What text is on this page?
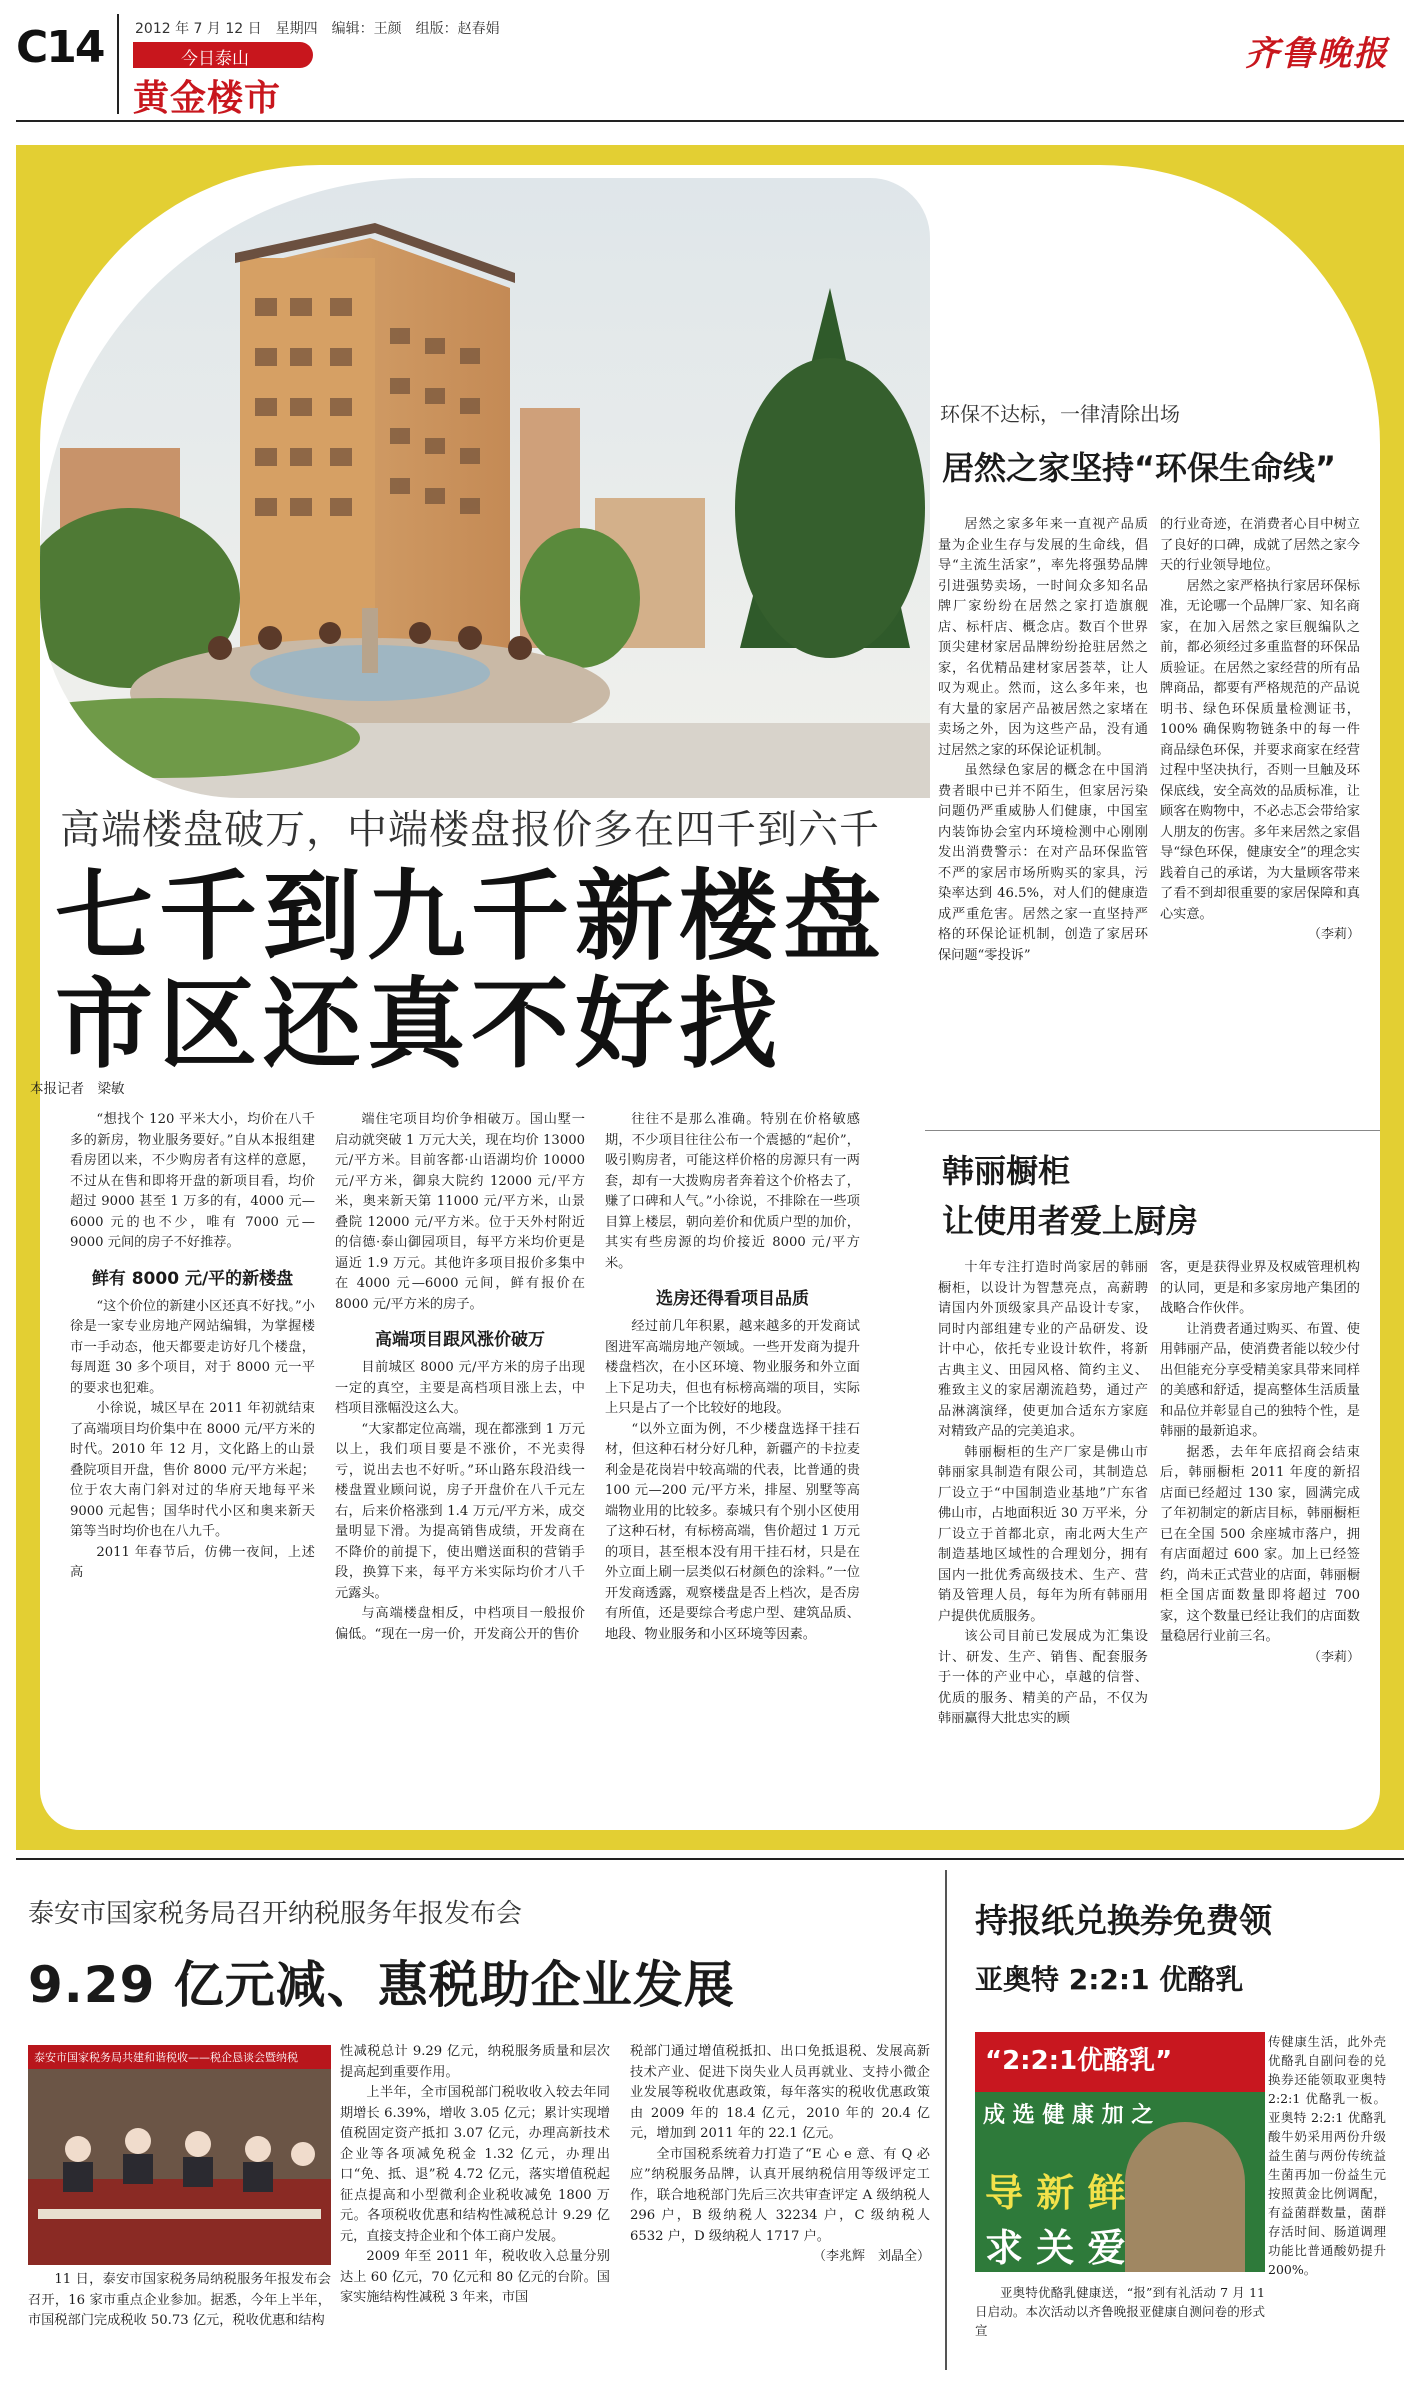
C14 2012 年 7 月 12 日　星期四　编辑：王颜　组版：赵春娟
今日泰山
黄金楼市
齐鲁晚报
高端楼盘破万，中端楼盘报价多在四千到六千
七千到九千新楼盘
市区还真不好找
本报记者　梁敏

“想找个 120 平米大小，均价在八千多的新房，物业服务要好。”自从本报组建看房团以来，不少购房者有这样的意愿，不过从在售和即将开盘的新项目看，均价超过 9000 甚至 1 万多的有，4000 元—6000 元的也不少，唯有 7000 元—9000 元间的房子不好推荐。

鲜有 8000 元/平的新楼盘

“这个价位的新建小区还真不好找。”小徐是一家专业房地产网站编辑，为掌握楼市一手动态，他天都要走访好几个楼盘，每周逛 30 多个项目，对于 8000 元一平的要求也犯难。

小徐说，城区早在 2011 年初就结束了高端项目均价集中在 8000 元/平方米的时代。2010 年 12 月，文化路上的山景叠院项目开盘，售价 8000 元/平方米起；位于农大南门斜对过的华府天地每平米 9000 元起售；国华时代小区和奥来新天第等当时均价也在八九千。

2011 年春节后，仿佛一夜间，上述高

端住宅项目均价争相破万。国山墅一启动就突破 1 万元大关，现在均价 13000 元/平方米。目前客都·山语湖均价 10000 元/平方米，御泉大院约 12000 元/平方米，奥来新天第 11000 元/平方米，山景叠院 12000 元/平方米。位于天外村附近的信德·泰山御园项目，每平方米均价更是逼近 1.9 万元。其他许多项目报价多集中在 4000 元—6000 元间，鲜有报价在 8000 元/平方米的房子。

高端项目跟风涨价破万

目前城区 8000 元/平方米的房子出现一定的真空，主要是高档项目涨上去，中档项目涨幅没这么大。

“大家都定位高端，现在都涨到 1 万元以上，我们项目要是不涨价，不光卖得亏，说出去也不好听。”环山路东段沿线一楼盘置业顾问说，房子开盘价在八千元左右，后来价格涨到 1.4 万元/平方米，成交量明显下滑。为提高销售成绩，开发商在不降价的前提下，使出赠送面积的营销手段，换算下来，每平方米实际均价才八千元露头。

与高端楼盘相反，中档项目一般报价偏低。“现在一房一价，开发商公开的售价

往往不是那么准确。特别在价格敏感期，不少项目往往公布一个震撼的“起价”，吸引购房者，可能这样价格的房源只有一两套，却有一大拨购房者奔着这个价格去了，赚了口碑和人气。”小徐说，不排除在一些项目算上楼层，朝向差价和优质户型的加价，其实有些房源的均价接近 8000 元/平方米。

选房还得看项目品质

经过前几年积累，越来越多的开发商试图进军高端房地产领域。一些开发商为提升楼盘档次，在小区环境、物业服务和外立面上下足功夫，但也有标榜高端的项目，实际上只是占了一个比较好的地段。

“以外立面为例，不少楼盘选择干挂石材，但这种石材分好几种，新疆产的卡拉麦利金是花岗岩中较高端的代表，比普通的贵 100 元—200 元/平方米，排屋、别墅等高端物业用的比较多。泰城只有个别小区使用了这种石材，有标榜高端，售价超过 1 万元的项目，甚至根本没有用干挂石材，只是在外立面上刷一层类似石材颜色的涂料。”一位开发商透露，观察楼盘是否上档次，是否房有所值，还是要综合考虑户型、建筑品质、地段、物业服务和小区环境等因素。

环保不达标，一律清除出场
居然之家坚持“环保生命线”

居然之家多年来一直视产品质量为企业生存与发展的生命线，倡导“主流生活家”，率先将强势品牌引进强势卖场，一时间众多知名品牌厂家纷纷在居然之家打造旗舰店、标杆店、概念店。数百个世界顶尖建材家居品牌纷纷抢驻居然之家，名优精品建材家居荟萃，让人叹为观止。然而，这么多年来，也有大量的家居产品被居然之家堵在卖场之外，因为这些产品，没有通过居然之家的环保论证机制。

虽然绿色家居的概念在中国消费者眼中已并不陌生，但家居污染问题仍严重威胁人们健康，中国室内装饰协会室内环境检测中心刚刚发出消费警示：在对产品环保监管不严的家居市场所购买的家具，污染率达到 46.5%，对人们的健康造成严重危害。居然之家一直坚持严格的环保论证机制，创造了家居环保问题“零投诉”

的行业奇迹，在消费者心目中树立了良好的口碑，成就了居然之家今天的行业领导地位。

居然之家严格执行家居环保标准，无论哪一个品牌厂家、知名商家，在加入居然之家巨舰编队之前，都必须经过多重监督的环保品质验证。在居然之家经营的所有品牌商品，都要有严格规范的产品说明书、绿色环保质量检测证书，100% 确保购物链条中的每一件商品绿色环保，并要求商家在经营过程中坚决执行，否则一旦触及环保底线，安全高效的品质标准，让顾客在购物中，不必忐忑会带给家人朋友的伤害。多年来居然之家倡导“绿色环保，健康安全”的理念实践着自己的承诺，为大量顾客带来了看不到却很重要的家居保障和真心实意。

（李莉）

韩丽橱柜
让使用者爱上厨房

十年专注打造时尚家居的韩丽橱柜，以设计为智慧亮点，高薪聘请国内外顶级家具产品设计专家，同时内部组建专业的产品研发、设计中心，依托专业设计软件，将新古典主义、田园风格、简约主义、雅致主义的家居潮流趋势，通过产品淋漓演绎，使更加合适东方家庭对精致产品的完美追求。

韩丽橱柜的生产厂家是佛山市韩丽家具制造有限公司，其制造总厂设立于“中国制造业基地”广东省佛山市，占地面积近 30 万平米，分厂设立于首都北京，南北两大生产制造基地区域性的合理划分，拥有国内一批优秀高级技术、生产、营销及管理人员，每年为所有韩丽用户提供优质服务。

该公司目前已发展成为汇集设计、研发、生产、销售、配套服务于一体的产业中心，卓越的信誉、优质的服务、精美的产品，不仅为韩丽赢得大批忠实的顾

客，更是获得业界及权威管理机构的认同，更是和多家房地产集团的战略合作伙伴。

让消费者通过购买、布置、使用韩丽产品，使消费者能以较少付出但能充分享受精美家具带来同样的美感和舒适，提高整体生活质量和品位并彰显自己的独特个性，是韩丽的最新追求。

据悉，去年年底招商会结束后，韩丽橱柜 2011 年度的新招店面已经超过 130 家，圆满完成了年初制定的新店目标，韩丽橱柜已在全国 500 余座城市落户，拥有店面超过 600 家。加上已经签约，尚未正式营业的店面，韩丽橱柜全国店面数量即将超过 700 家，这个数量已经让我们的店面数量稳居行业前三名。

（李莉）

泰安市国家税务局召开纳税服务年报发布会
9.29 亿元减、惠税助企业发展
泰安市国家税务局共建和谐税收——税企恳谈会暨纳税

11 日，泰安市国家税务局纳税服务年报发布会召开，16 家市重点企业参加。据悉，今年上半年，市国税部门完成税收 50.73 亿元，税收优惠和结构

性减税总计 9.29 亿元，纳税服务质量和层次提高起到重要作用。

上半年，全市国税部门税收收入较去年同期增长 6.39%，增收 3.05 亿元；累计实现增值税固定资产抵扣 3.07 亿元，办理高新技术企业等各项减免税金 1.32 亿元，办理出口“免、抵、退”税 4.72 亿元，落实增值税起征点提高和小型微利企业税收减免 1800 万元。各项税收优惠和结构性减税总计 9.29 亿元，直接支持企业和个体工商户发展。

2009 年至 2011 年，税收收入总量分别达上 60 亿元，70 亿元和 80 亿元的台阶。国家实施结构性减税 3 年来，市国

税部门通过增值税抵扣、出口免抵退税、发展高新技术产业、促进下岗失业人员再就业、支持小微企业发展等税收优惠政策，每年落实的税收优惠政策由 2009 年的 18.4 亿元，2010 年的 20.4 亿元，增加到 2011 年的 22.1 亿元。

全市国税系统着力打造了“E 心 e 意、有 Q 必应”纳税服务品牌，认真开展纳税信用等级评定工作，联合地税部门先后三次共审查评定 A 级纳税人 296 户，B 级纳税人 32234 户，C 级纳税人 6532 户，D 级纳税人 1717 户。

（李兆辉　刘晶全）

持报纸兑换券免费领
亚奥特 2:2:1 优酪乳
“2:2:1优酪乳”
成 选 健 康 加 之
导 新 鲜
求 关 爱

传健康生活，此外壳优酪乳自副问卷的兑换券还能领取亚奥特 2:2:1 优酪乳一板。亚奥特 2:2:1 优酪乳酸牛奶采用两份升级益生菌与两份传统益生菌再加一份益生元按照黄金比例调配，有益菌群数量，菌群存活时间、肠道调理功能比普通酸奶提升 200%。

亚奥特优酪乳健康送，“报”到有礼活动 7 月 11 日启动。本次活动以齐鲁晚报亚健康自测问卷的形式宣
